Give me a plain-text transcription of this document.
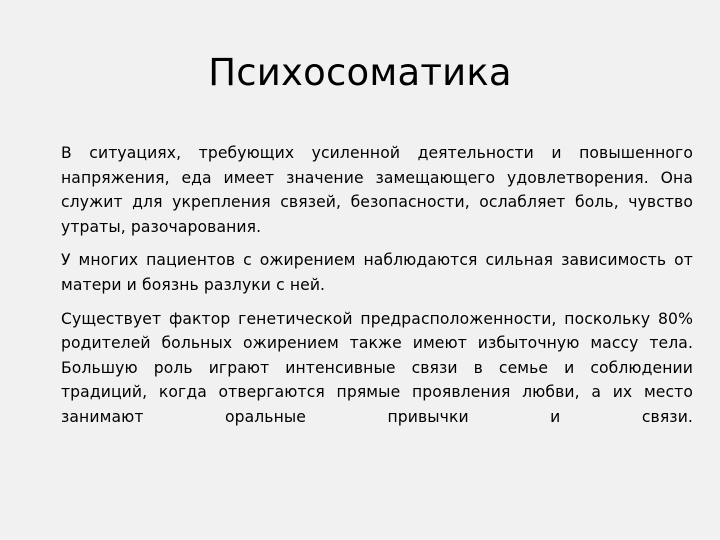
Психосоматика

В ситуациях, требующих усиленной деятельности и повышенного напряжения, еда имеет значение замещающего удовлетворения. Она служит для укрепления связей, безопасности, ослабляет боль, чувство утраты, разочарования.

У многих пациентов с ожирением наблюдаются сильная зависимость от матери и боязнь разлуки с ней.

Существует фактор генетической предрасположенности, поскольку 80% родителей больных ожирением также имеют избыточную массу тела. Большую роль играют интенсивные связи в семье и соблюдении традиций, когда отвергаются прямые проявления любви, а их место занимают оральные привычки и связи.
